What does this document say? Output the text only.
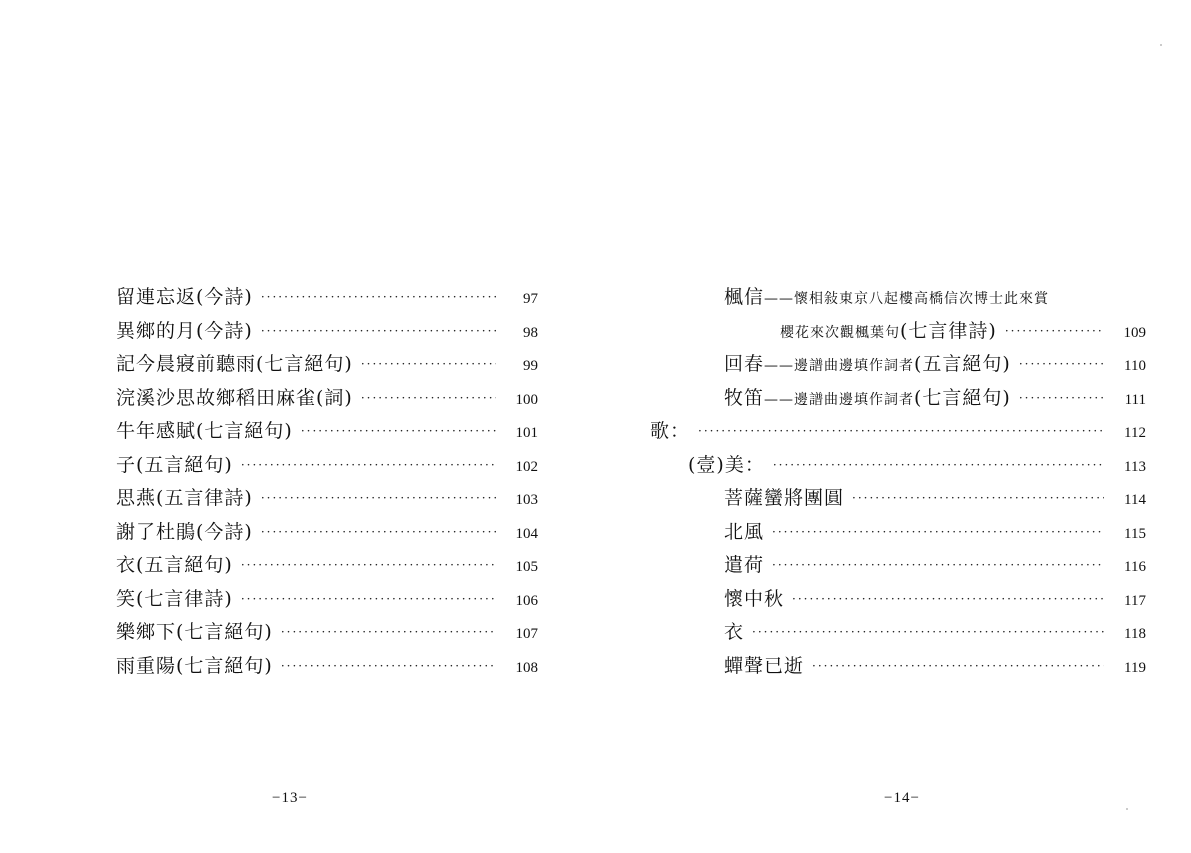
留連忘返(今詩) ·····	97
異鄉的月(今詩) ·····	98
記今晨寢前聽雨(七言絕句) ·····	99
浣溪沙思故鄉稻田麻雀(詞) ·····	100
牛年感賦(七言絕句) ·····	101
子(五言絕句) ·····	102
思燕(五言律詩) ·····	103
謝了杜鵑(今詩) ·····	104
衣(五言絕句) ·····	105
笑(七言律詩) ·····	106
樂鄉下(七言絕句) ·····	107
雨重陽(七言絕句) ·····	108
−13−
楓信——懷相敍東京八起樓高橋信次博士此來賞
櫻花來次觀楓葉句(七言律詩) ·····	109
回春——邊譜曲邊填作詞者(五言絕句) ·····	110
牧笛——邊譜曲邊填作詞者(七言絕句) ·····	111
歌： ·····	112
(壹)美： ·····	113
菩薩蠻將團圓 ·····	114
北風 ·····	115
遣荷 ·····	116
懷中秋 ·····	117
衣 ·····	118
蟬聲已逝 ·····	119
−14−
